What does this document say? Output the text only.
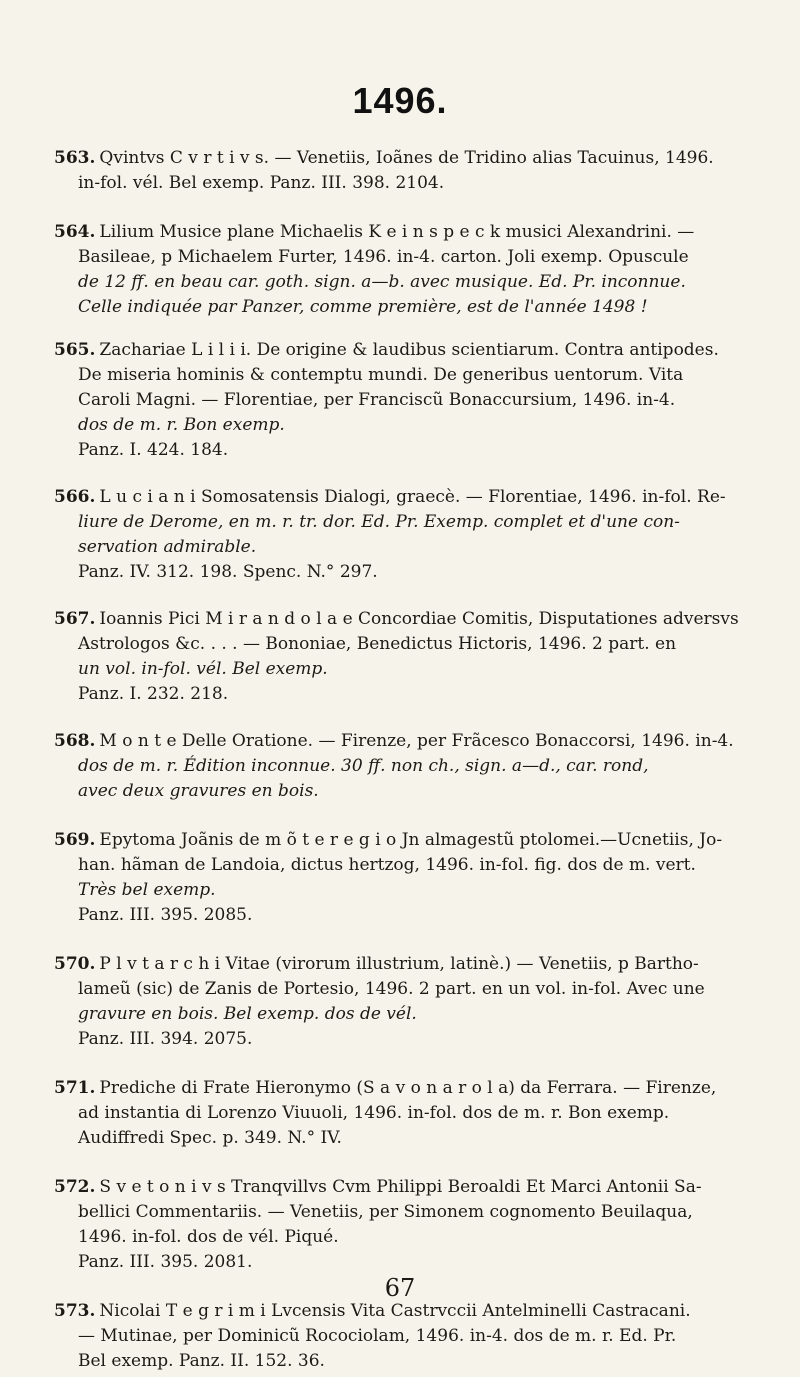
1496.

563. Qvintvs C v r t i v s. — Venetiis, Ioãnes de Tridino alias Tacuinus, 1496.

in-fol. vél. Bel exemp. Panz. III. 398. 2104.

564. Lilium Musice plane Michaelis K e i n s p e c k musici Alexandrini. —

Basileae, p Michaelem Furter, 1496. in-4. carton. Joli exemp. Opuscule

de 12 ff. en beau car. goth. sign. a—b. avec musique. Ed. Pr. inconnue.

Celle indiquée par Panzer, comme première, est de l'année 1498 !

565. Zachariae L i l i i. De origine & laudibus scientiarum. Contra antipodes.

De miseria hominis & contemptu mundi. De generibus uentorum. Vita

Caroli Magni. — Florentiae, per Franciscũ Bonaccursium, 1496. in-4.

dos de m. r. Bon exemp.

Panz. I. 424. 184.

566. L u c i a n i Somosatensis Dialogi, graecè. — Florentiae, 1496. in-fol. Re-

liure de Derome, en m. r. tr. dor. Ed. Pr. Exemp. complet et d'une con-

servation admirable.

Panz. IV. 312. 198. Spenc. N.° 297.

567. Ioannis Pici M i r a n d o l a e Concordiae Comitis, Disputationes adversvs

Astrologos &c. . . . — Bononiae, Benedictus Hictoris, 1496. 2 part. en

un vol. in-fol. vél. Bel exemp.

Panz. I. 232. 218.

568. M o n t e Delle Oratione. — Firenze, per Frãcesco Bonaccorsi, 1496. in-4.

dos de m. r. Édition inconnue. 30 ff. non ch., sign. a—d., car. rond,

avec deux gravures en bois.

569. Epytoma Joãnis de m õ t e r e g i o Jn almagestũ ptolomei.—Ucnetiis, Jo-

han. hãman de Landoia, dictus hertzog, 1496. in-fol. fig. dos de m. vert.

Très bel exemp.

Panz. III. 395. 2085.

570. P l v t a r c h i Vitae (virorum illustrium, latinè.) — Venetiis, p Bartho-

lameũ (sic) de Zanis de Portesio, 1496. 2 part. en un vol. in-fol. Avec une

gravure en bois. Bel exemp. dos de vél.

Panz. III. 394. 2075.

571. Prediche di Frate Hieronymo (S a v o n a r o l a) da Ferrara. — Firenze,

ad instantia di Lorenzo Viuuoli, 1496. in-fol. dos de m. r. Bon exemp.

Audiffredi Spec. p. 349. N.° IV.

572. S v e t o n i v s Tranqvillvs Cvm Philippi Beroaldi Et Marci Antonii Sa-

bellici Commentariis. — Venetiis, per Simonem cognomento Beuilaqua,

1496. in-fol. dos de vél. Piqué.

Panz. III. 395. 2081.

573. Nicolai T e g r i m i Lvcensis Vita Castrvccii Antelminelli Castracani.

— Mutinae, per Dominicũ Rocociolam, 1496. in-4. dos de m. r. Ed. Pr.

Bel exemp. Panz. II. 152. 36.

67
